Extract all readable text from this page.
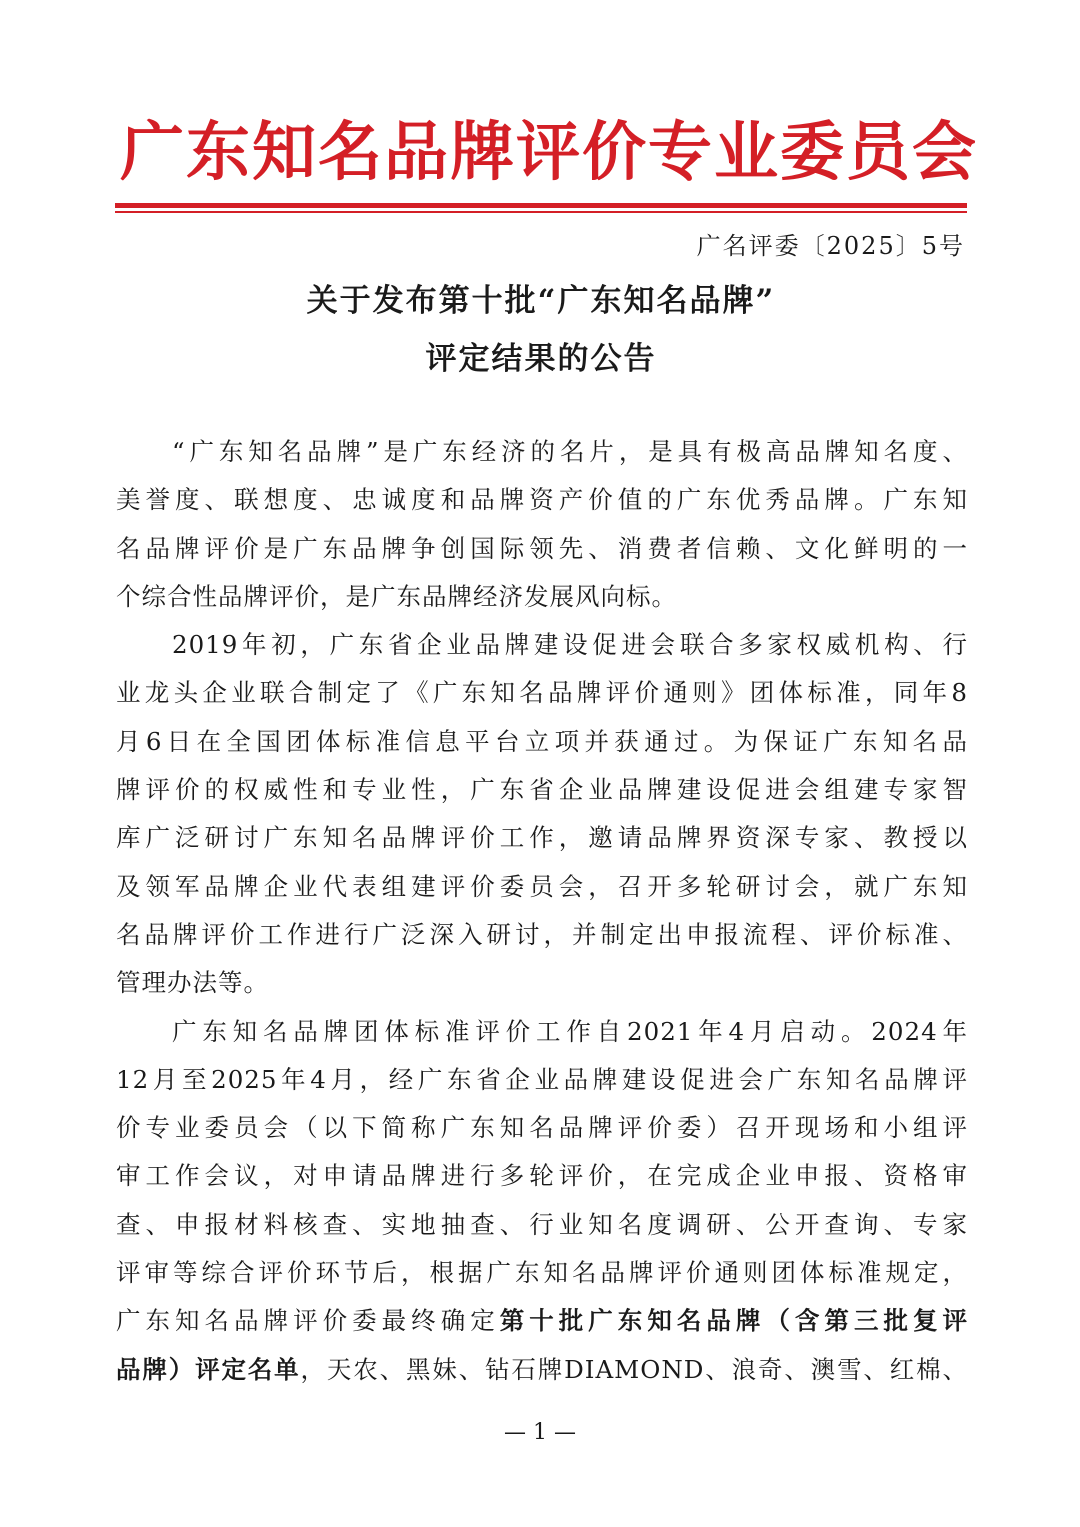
广东知名品牌评价专业委员会
广名评委〔2025〕5号
关于发布第十批“广东知名品牌”
评定结果的公告
“广东知名品牌”是广东经济的名片，是具有极高品牌知名度、
美誉度、联想度、忠诚度和品牌资产价值的广东优秀品牌。广东知
名品牌评价是广东品牌争创国际领先、消费者信赖、文化鲜明的一
个综合性品牌评价，是广东品牌经济发展风向标。
2019年初，广东省企业品牌建设促进会联合多家权威机构、行
业龙头企业联合制定了《广东知名品牌评价通则》团体标准，同年8
月6日在全国团体标准信息平台立项并获通过。为保证广东知名品
牌评价的权威性和专业性，广东省企业品牌建设促进会组建专家智
库广泛研讨广东知名品牌评价工作，邀请品牌界资深专家、教授以
及领军品牌企业代表组建评价委员会，召开多轮研讨会，就广东知
名品牌评价工作进行广泛深入研讨，并制定出申报流程、评价标准、
管理办法等。
广东知名品牌团体标准评价工作自2021年4月启动。2024年
12月至2025年4月，经广东省企业品牌建设促进会广东知名品牌评
价专业委员会（以下简称广东知名品牌评价委）召开现场和小组评
审工作会议，对申请品牌进行多轮评价，在完成企业申报、资格审
查、申报材料核查、实地抽查、行业知名度调研、公开查询、专家
评审等综合评价环节后，根据广东知名品牌评价通则团体标准规定，
广东知名品牌评价委最终确定第十批广东知名品牌（含第三批复评
品牌）评定名单，天农、黑妹、钻石牌DIAMOND、浪奇、澳雪、红棉、
— 1 —
